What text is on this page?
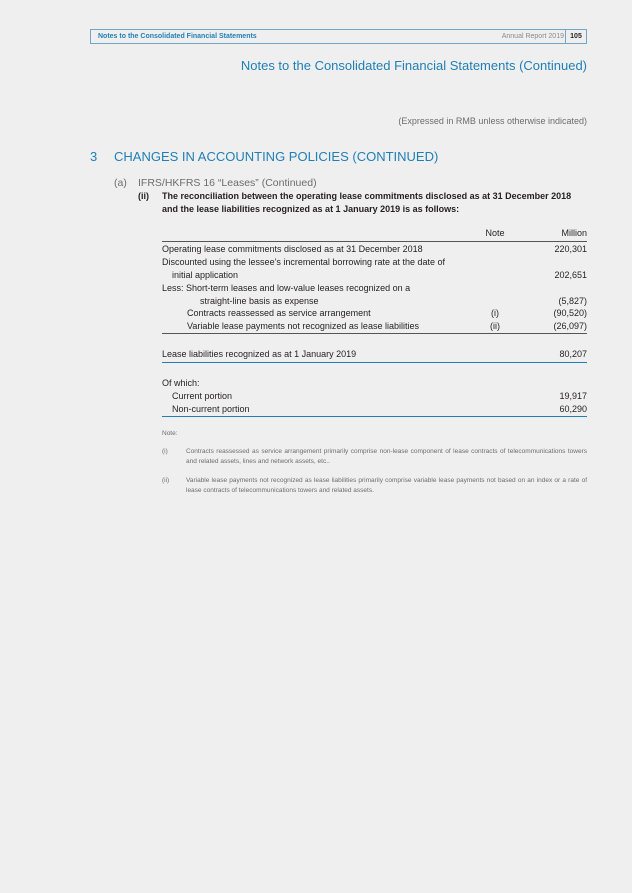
Notes to the Consolidated Financial Statements	Annual Report 2019 105
Notes to the Consolidated Financial Statements (Continued)
(Expressed in RMB unless otherwise indicated)
3 CHANGES IN ACCOUNTING POLICIES (CONTINUED)
(a) IFRS/HKFRS 16 “Leases” (Continued)
(ii) The reconciliation between the operating lease commitments disclosed as at 31 December 2018 and the lease liabilities recognized as at 1 January 2019 is as follows:
Note	Million
Operating lease commitments disclosed as at 31 December 2018	220,301
Discounted using the lessee’s incremental borrowing rate at the date of
initial application	202,651
Less: Short-term leases and low-value leases recognized on a
straight-line basis as expense	(5,827)
Contracts reassessed as service arrangement	(i)	(90,520)
Variable lease payments not recognized as lease liabilities	(ii)	(26,097)
Lease liabilities recognized as at 1 January 2019	80,207
Of which:
Current portion	19,917
Non-current portion	60,290
Note:
(i)	Contracts reassessed as service arrangement primarily comprise non-lease component of lease contracts of telecommunications towers and related assets, lines and network assets, etc..
(ii)	Variable lease payments not recognized as lease liabilities primarily comprise variable lease payments not based on an index or a rate of lease contracts of telecommunications towers and related assets.
